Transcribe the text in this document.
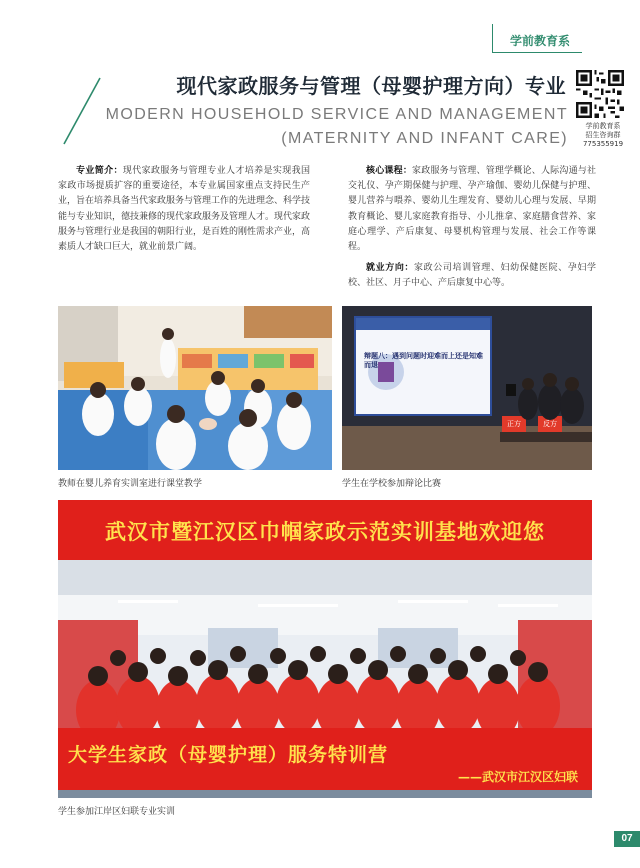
学前教育系
现代家政服务与管理（母婴护理方向）专业
MODERN HOUSEHOLD SERVICE AND MANAGEMENT
(MATERNITY AND INFANT CARE)
学前教育系
招生咨询群
775355919

专业简介：现代家政服务与管理专业人才培养是实现我国家政市场提质扩容的重要途径，本专业属国家重点支持民生产业，旨在培养具备当代家政服务与管理工作的先进理念、科学技能与专业知识，德技兼修的现代家政服务及管理人才。现代家政服务与管理行业是我国的朝阳行业，是百姓的刚性需求产业，高素质人才缺口巨大，就业前景广阔。

核心课程：家政服务与管理、管理学概论、人际沟通与社交礼仪、孕产期保健与护理、孕产瑜伽、婴幼儿保健与护理、婴儿营养与喂养、婴幼儿生理发育、婴幼儿心理与发展、早期教育概论、婴儿家庭教育指导、小儿推拿、家庭膳食营养、家庭心理学、产后康复、母婴机构管理与发展、社会工作等课程。

就业方向：家政公司培训管理、妇幼保健医院、孕妇学校、社区、月子中心、产后康复中心等。

教师在婴儿养育实训室进行课堂教学
辩题八：遇到问题时迎难而上还是知难而退
正方	反方
学生在学校参加辩论比赛
武汉市暨江汉区巾帼家政示范实训基地欢迎您
大学生家政（母婴护理）服务特训营
——武汉市江汉区妇联
学生参加江岸区妇联专业实训
07
